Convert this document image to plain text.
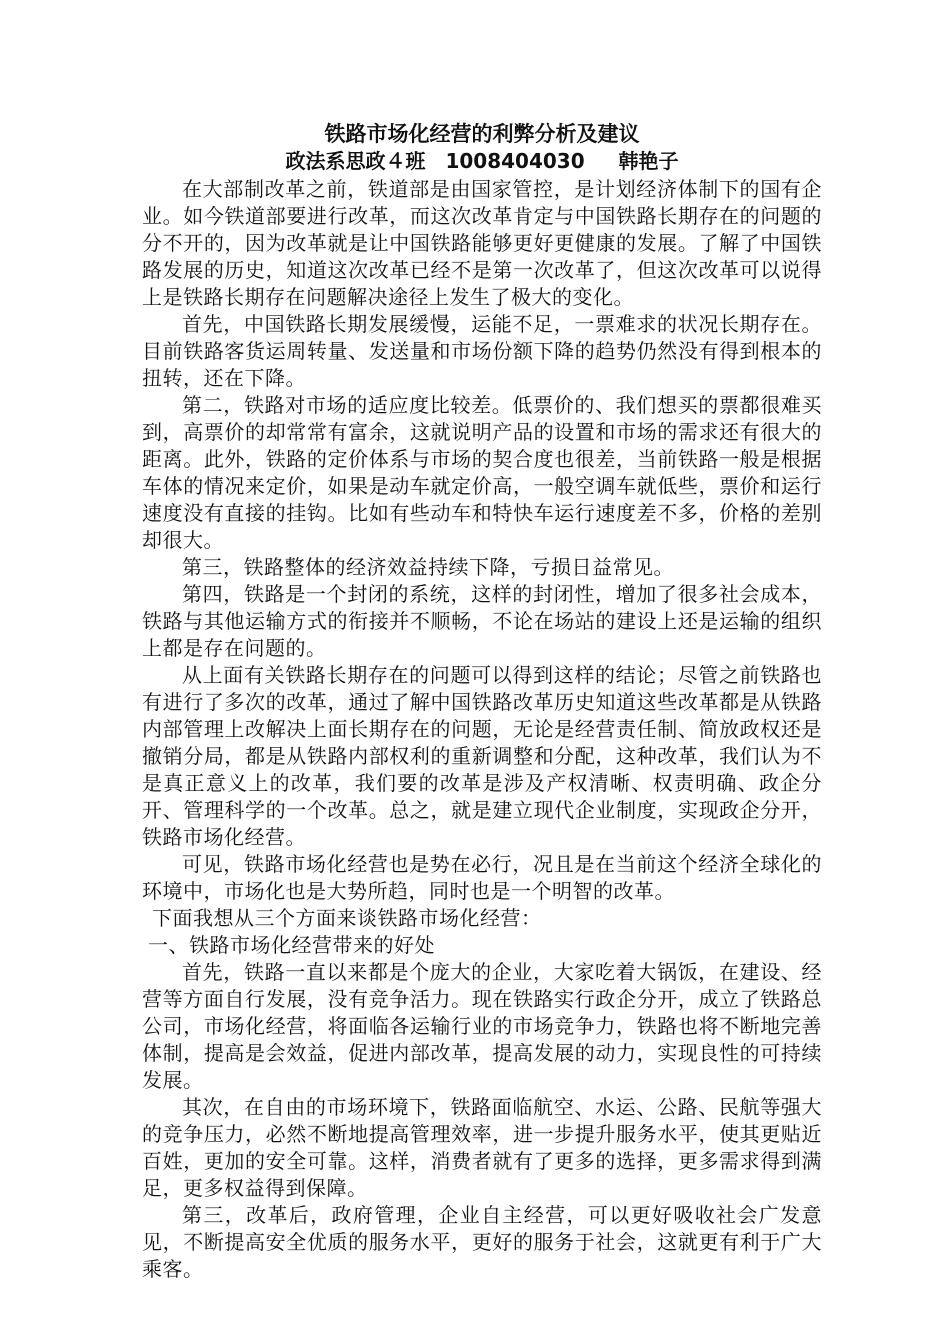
铁路市场化经营的利弊分析及建议
政法系思政４班　1008404030　  韩艳子

在大部制改革之前，铁道部是由国家管控，是计划经济体制下的国有企业。如今铁道部要进行改革，而这次改革肯定与中国铁路长期存在的问题的分不开的，因为改革就是让中国铁路能够更好更健康的发展。了解了中国铁路发展的历史，知道这次改革已经不是第一次改革了，但这次改革可以说得上是铁路长期存在问题解决途径上发生了极大的变化。

首先，中国铁路长期发展缓慢，运能不足，一票难求的状况长期存在。目前铁路客货运周转量、发送量和市场份额下降的趋势仍然没有得到根本的扭转，还在下降。

第二，铁路对市场的适应度比较差。低票价的、我们想买的票都很难买到，高票价的却常常有富余，这就说明产品的设置和市场的需求还有很大的距离。此外，铁路的定价体系与市场的契合度也很差，当前铁路一般是根据车体的情况来定价，如果是动车就定价高，一般空调车就低些，票价和运行速度没有直接的挂钩。比如有些动车和特快车运行速度差不多，价格的差别却很大。

第三，铁路整体的经济效益持续下降，亏损日益常见。

第四，铁路是一个封闭的系统，这样的封闭性，增加了很多社会成本，铁路与其他运输方式的衔接并不顺畅，不论在场站的建设上还是运输的组织上都是存在问题的。

从上面有关铁路长期存在的问题可以得到这样的结论；尽管之前铁路也有进行了多次的改革，通过了解中国铁路改革历史知道这些改革都是从铁路内部管理上改解决上面长期存在的问题，无论是经营责任制、简放政权还是撤销分局，都是从铁路内部权利的重新调整和分配，这种改革，我们认为不是真正意义上的改革，我们要的改革是涉及产权清晰、权责明确、政企分开、管理科学的一个改革。总之，就是建立现代企业制度，实现政企分开，铁路市场化经营。

可见，铁路市场化经营也是势在必行，况且是在当前这个经济全球化的环境中，市场化也是大势所趋，同时也是一个明智的改革。

下面我想从三个方面来谈铁路市场化经营：

一、铁路市场化经营带来的好处

首先，铁路一直以来都是个庞大的企业，大家吃着大锅饭，在建设、经营等方面自行发展，没有竞争活力。现在铁路实行政企分开，成立了铁路总公司，市场化经营，将面临各运输行业的市场竞争力，铁路也将不断地完善体制，提高是会效益，促进内部改革，提高发展的动力，实现良性的可持续发展。

其次，在自由的市场环境下，铁路面临航空、水运、公路、民航等强大的竞争压力，必然不断地提高管理效率，进一步提升服务水平，使其更贴近百姓，更加的安全可靠。这样，消费者就有了更多的选择，更多需求得到满足，更多权益得到保障。

第三，改革后，政府管理，企业自主经营，可以更好吸收社会广发意见，不断提高安全优质的服务水平，更好的服务于社会，这就更有利于广大乘客。
